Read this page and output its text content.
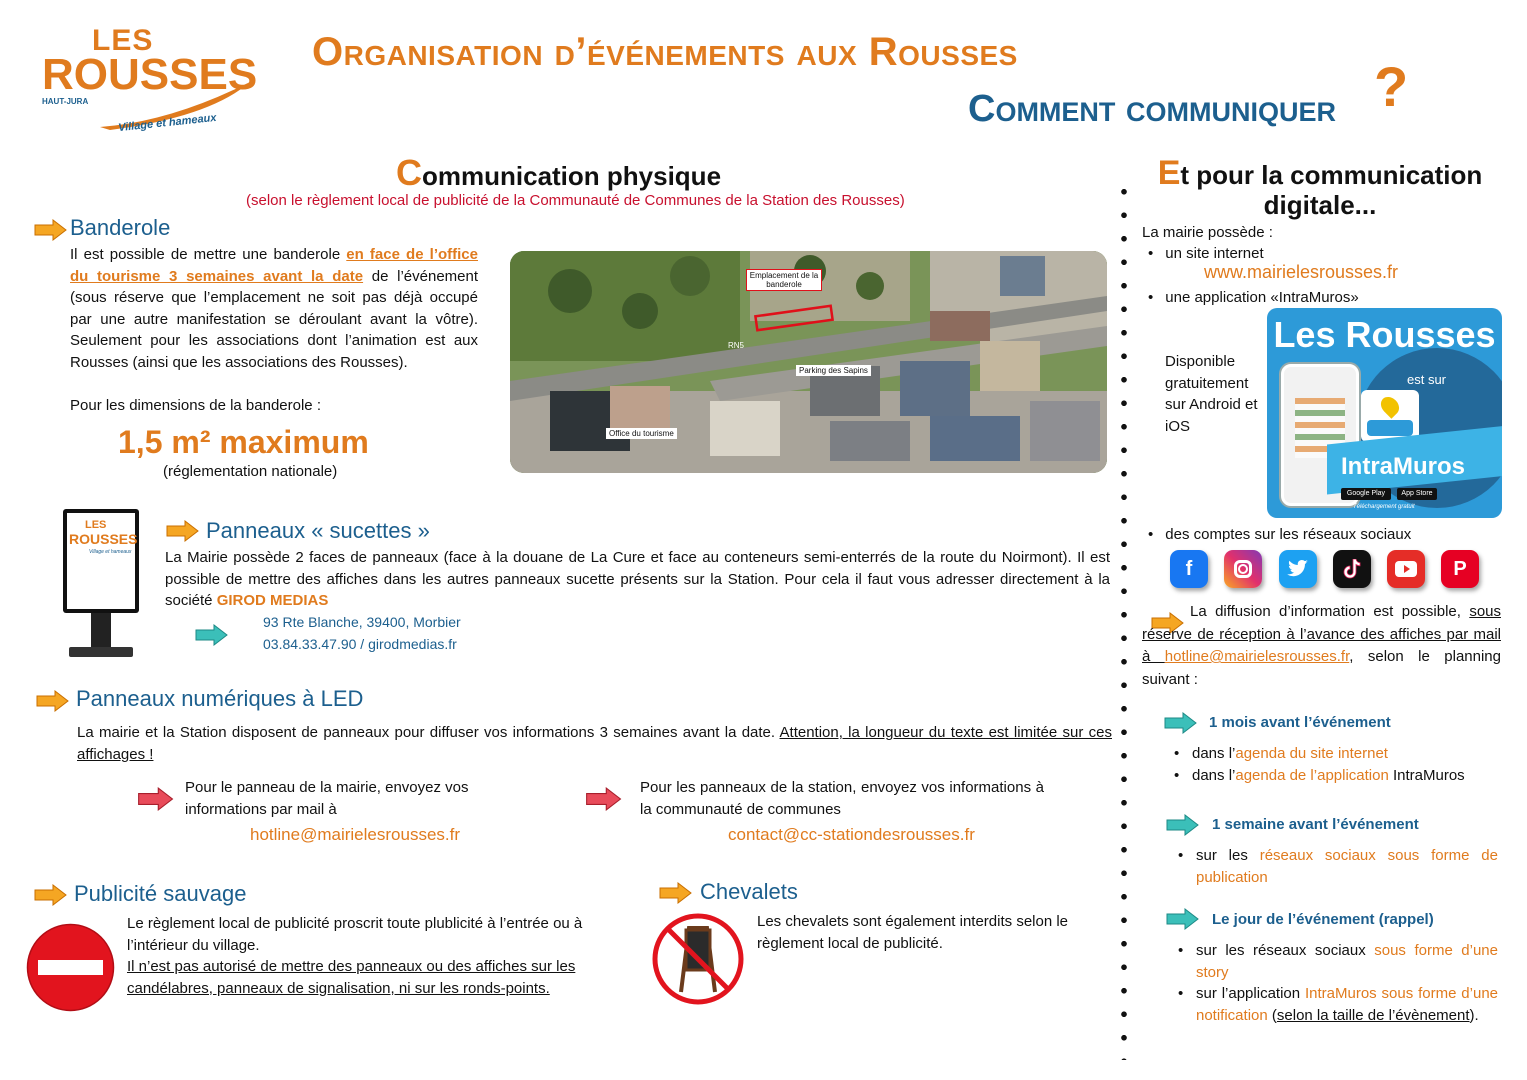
LES
ROUSSES
HAUT-JURA
Village et hameaux
Organisation d’événements aux Rousses
Comment communiquer ?
Communication physique
(selon le règlement local de publicité de la Communauté de Communes de la Station des Rousses)
Banderole
Il est possible de mettre une banderole en face de l’office du tourisme 3 semaines avant la date de l’événement (sous réserve que l’emplacement ne soit pas déjà occupé par une autre manifestation se déroulant avant la vôtre). Seulement pour les associations dont l’animation est aux Rousses (ainsi que les associations des Rousses).
Pour les dimensions de la banderole :
1,5 m² maximum
(réglementation nationale)
Emplacement de la banderole
RN5
Parking des Sapins
Office du tourisme
LES
ROUSSES
Village et hameaux
Panneaux « sucettes »
La Mairie possède 2 faces de panneaux (face à la douane de La Cure et face au conteneurs semi-enterrés de la route du Noirmont). Il est possible de mettre des affiches dans les autres panneaux sucette présents sur la Station. Pour cela il faut vous adresser directement à la société GIROD MEDIAS
93 Rte Blanche, 39400, Morbier
03.84.33.47.90 / girodmedias.fr
Panneaux numériques à LED
La mairie et la Station disposent de panneaux pour diffuser vos informations 3 semaines avant la date. Attention, la longueur du texte est limitée sur ces affichages !
Pour le panneau de la mairie, envoyez vos informations par mail à
hotline@mairielesrousses.fr
Pour les panneaux de la station, envoyez vos informations à la communauté de communes
contact@cc-stationdesrousses.fr
Publicité sauvage
Le règlement local de publicité proscrit toute plublicité à l’entrée ou à l’intérieur du village.
Il n’est pas autorisé de mettre des panneaux ou des affiches sur les candélabres, panneaux de signalisation, ni sur les ronds-points.
Chevalets
Les chevalets sont également interdits selon le règlement local de publicité.
Et pour la communication digitale...
La mairie possède :
• un site internet
www.mairielesrousses.fr
• une application «IntraMuros»
Disponible gratuitement sur Android et iOS
Les Rousses
est sur
IntraMuros
Google Play	App Store
Téléchargement gratuit
• des comptes sur les réseaux sociaux
f	P
La diffusion d’information est possible, sous réserve de réception à l’avance des affiches par mail à hotline@mairielesrousses.fr, selon le planning suivant :
1 mois avant l’événement
• dans l’agenda du site internet
• dans l’agenda de l’application IntraMuros
1 semaine avant l’événement
• sur les réseaux sociaux sous forme de publication
Le jour de l’événement (rappel)
• sur les réseaux sociaux sous forme d’une story
• sur l’application IntraMuros sous forme d’une notification (selon la taille de l’évènement).
